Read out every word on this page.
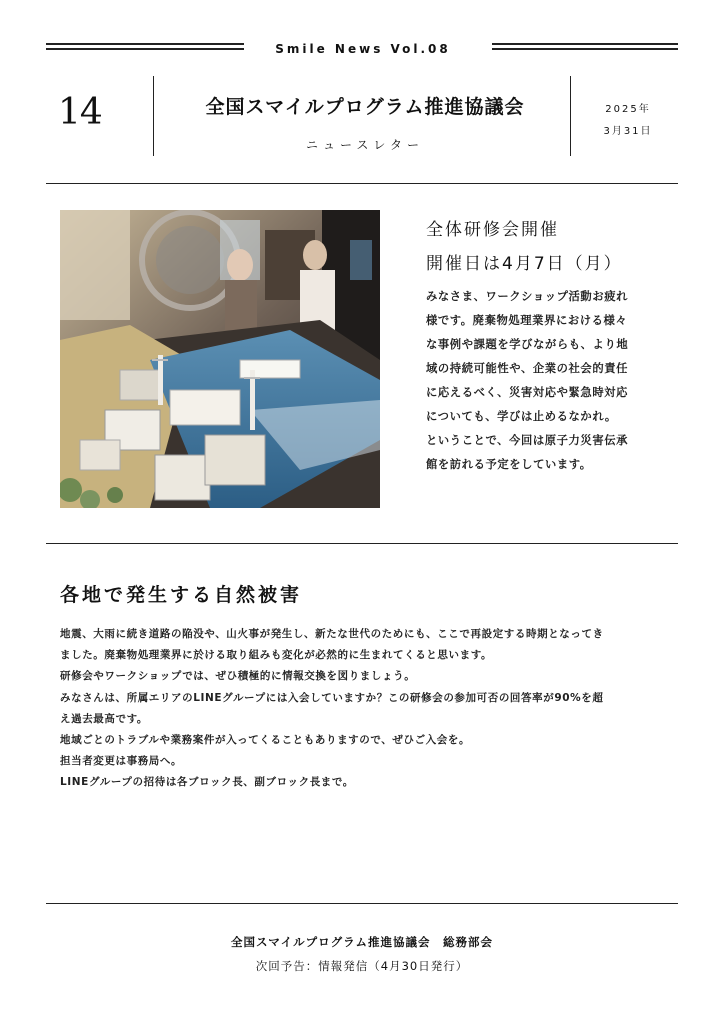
Smile News Vol.08
14	全国スマイルプログラム推進協議会
ニュースレター
2025年
3月31日
全体研修会開催
開催日は4月7日（月）
みなさま、ワークショップ活動お疲れ
様です。廃棄物処理業界における様々
な事例や課題を学びながらも、より地
域の持続可能性や、企業の社会的責任
に応えるべく、災害対応や緊急時対応
についても、学びは止めるなかれ。
ということで、今回は原子力災害伝承
館を訪れる予定をしています。
各地で発生する自然被害
地震、大雨に続き道路の陥没や、山火事が発生し、新たな世代のためにも、ここで再設定する時期となってき
ました。廃棄物処理業界に於ける取り組みも変化が必然的に生まれてくると思います。
研修会やワークショップでは、ぜひ積極的に情報交換を図りましょう。
みなさんは、所属エリアのLINEグループには入会していますか？この研修会の参加可否の回答率が90%を超
え過去最高です。
地域ごとのトラブルや業務案件が入ってくることもありますので、ぜひご入会を。
担当者変更は事務局へ。
LINEグループの招待は各ブロック長、副ブロック長まで。
全国スマイルプログラム推進協議会　総務部会
次回予告：情報発信（4月30日発行）
